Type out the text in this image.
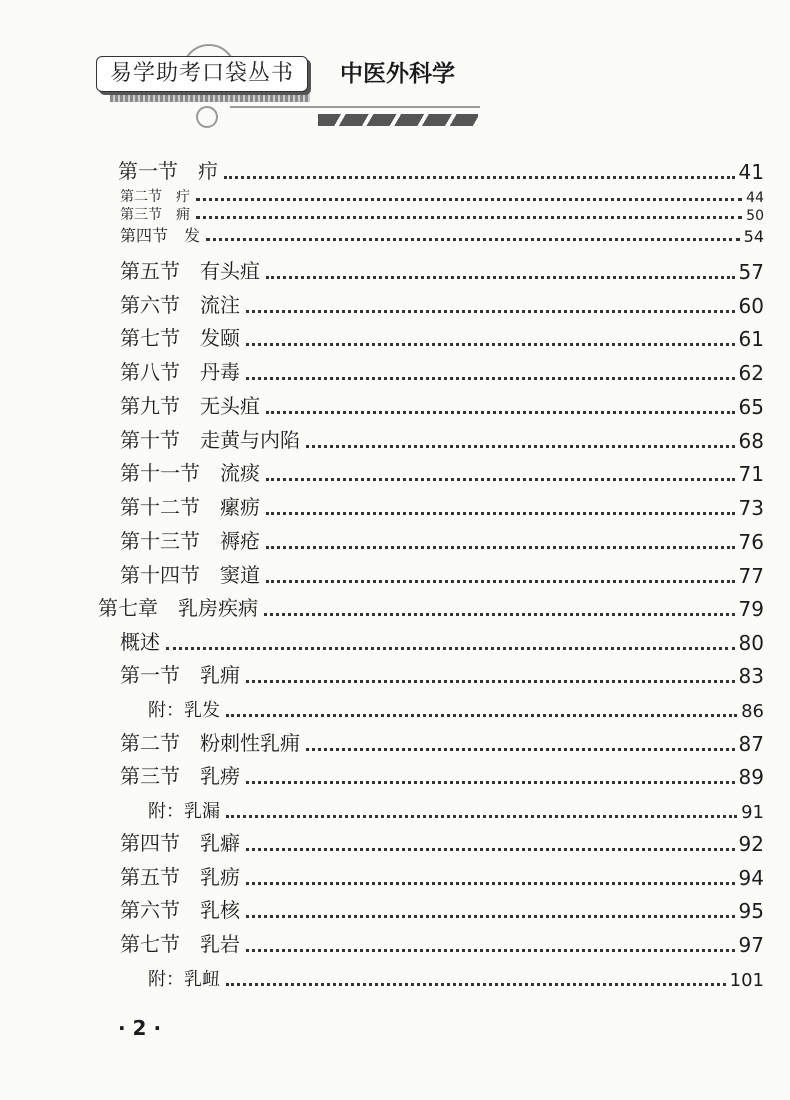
易学助考口袋丛书	中医外科学
第一节　疖	41
第二节　疔	44
第三节　痈	50
第四节　发	54
第五节　有头疽	57
第六节　流注	60
第七节　发颐	61
第八节　丹毒	62
第九节　无头疽	65
第十节　走黄与内陷	68
第十一节　流痰	71
第十二节　瘰疬	73
第十三节　褥疮	76
第十四节　窦道	77
第七章　乳房疾病	79
概述	80
第一节　乳痈	83
附：乳发	86
第二节　粉刺性乳痈	87
第三节　乳痨	89
附：乳漏	91
第四节　乳癖	92
第五节　乳疬	94
第六节　乳核	95
第七节　乳岩	97
附：乳衄	101
· 2 ·
